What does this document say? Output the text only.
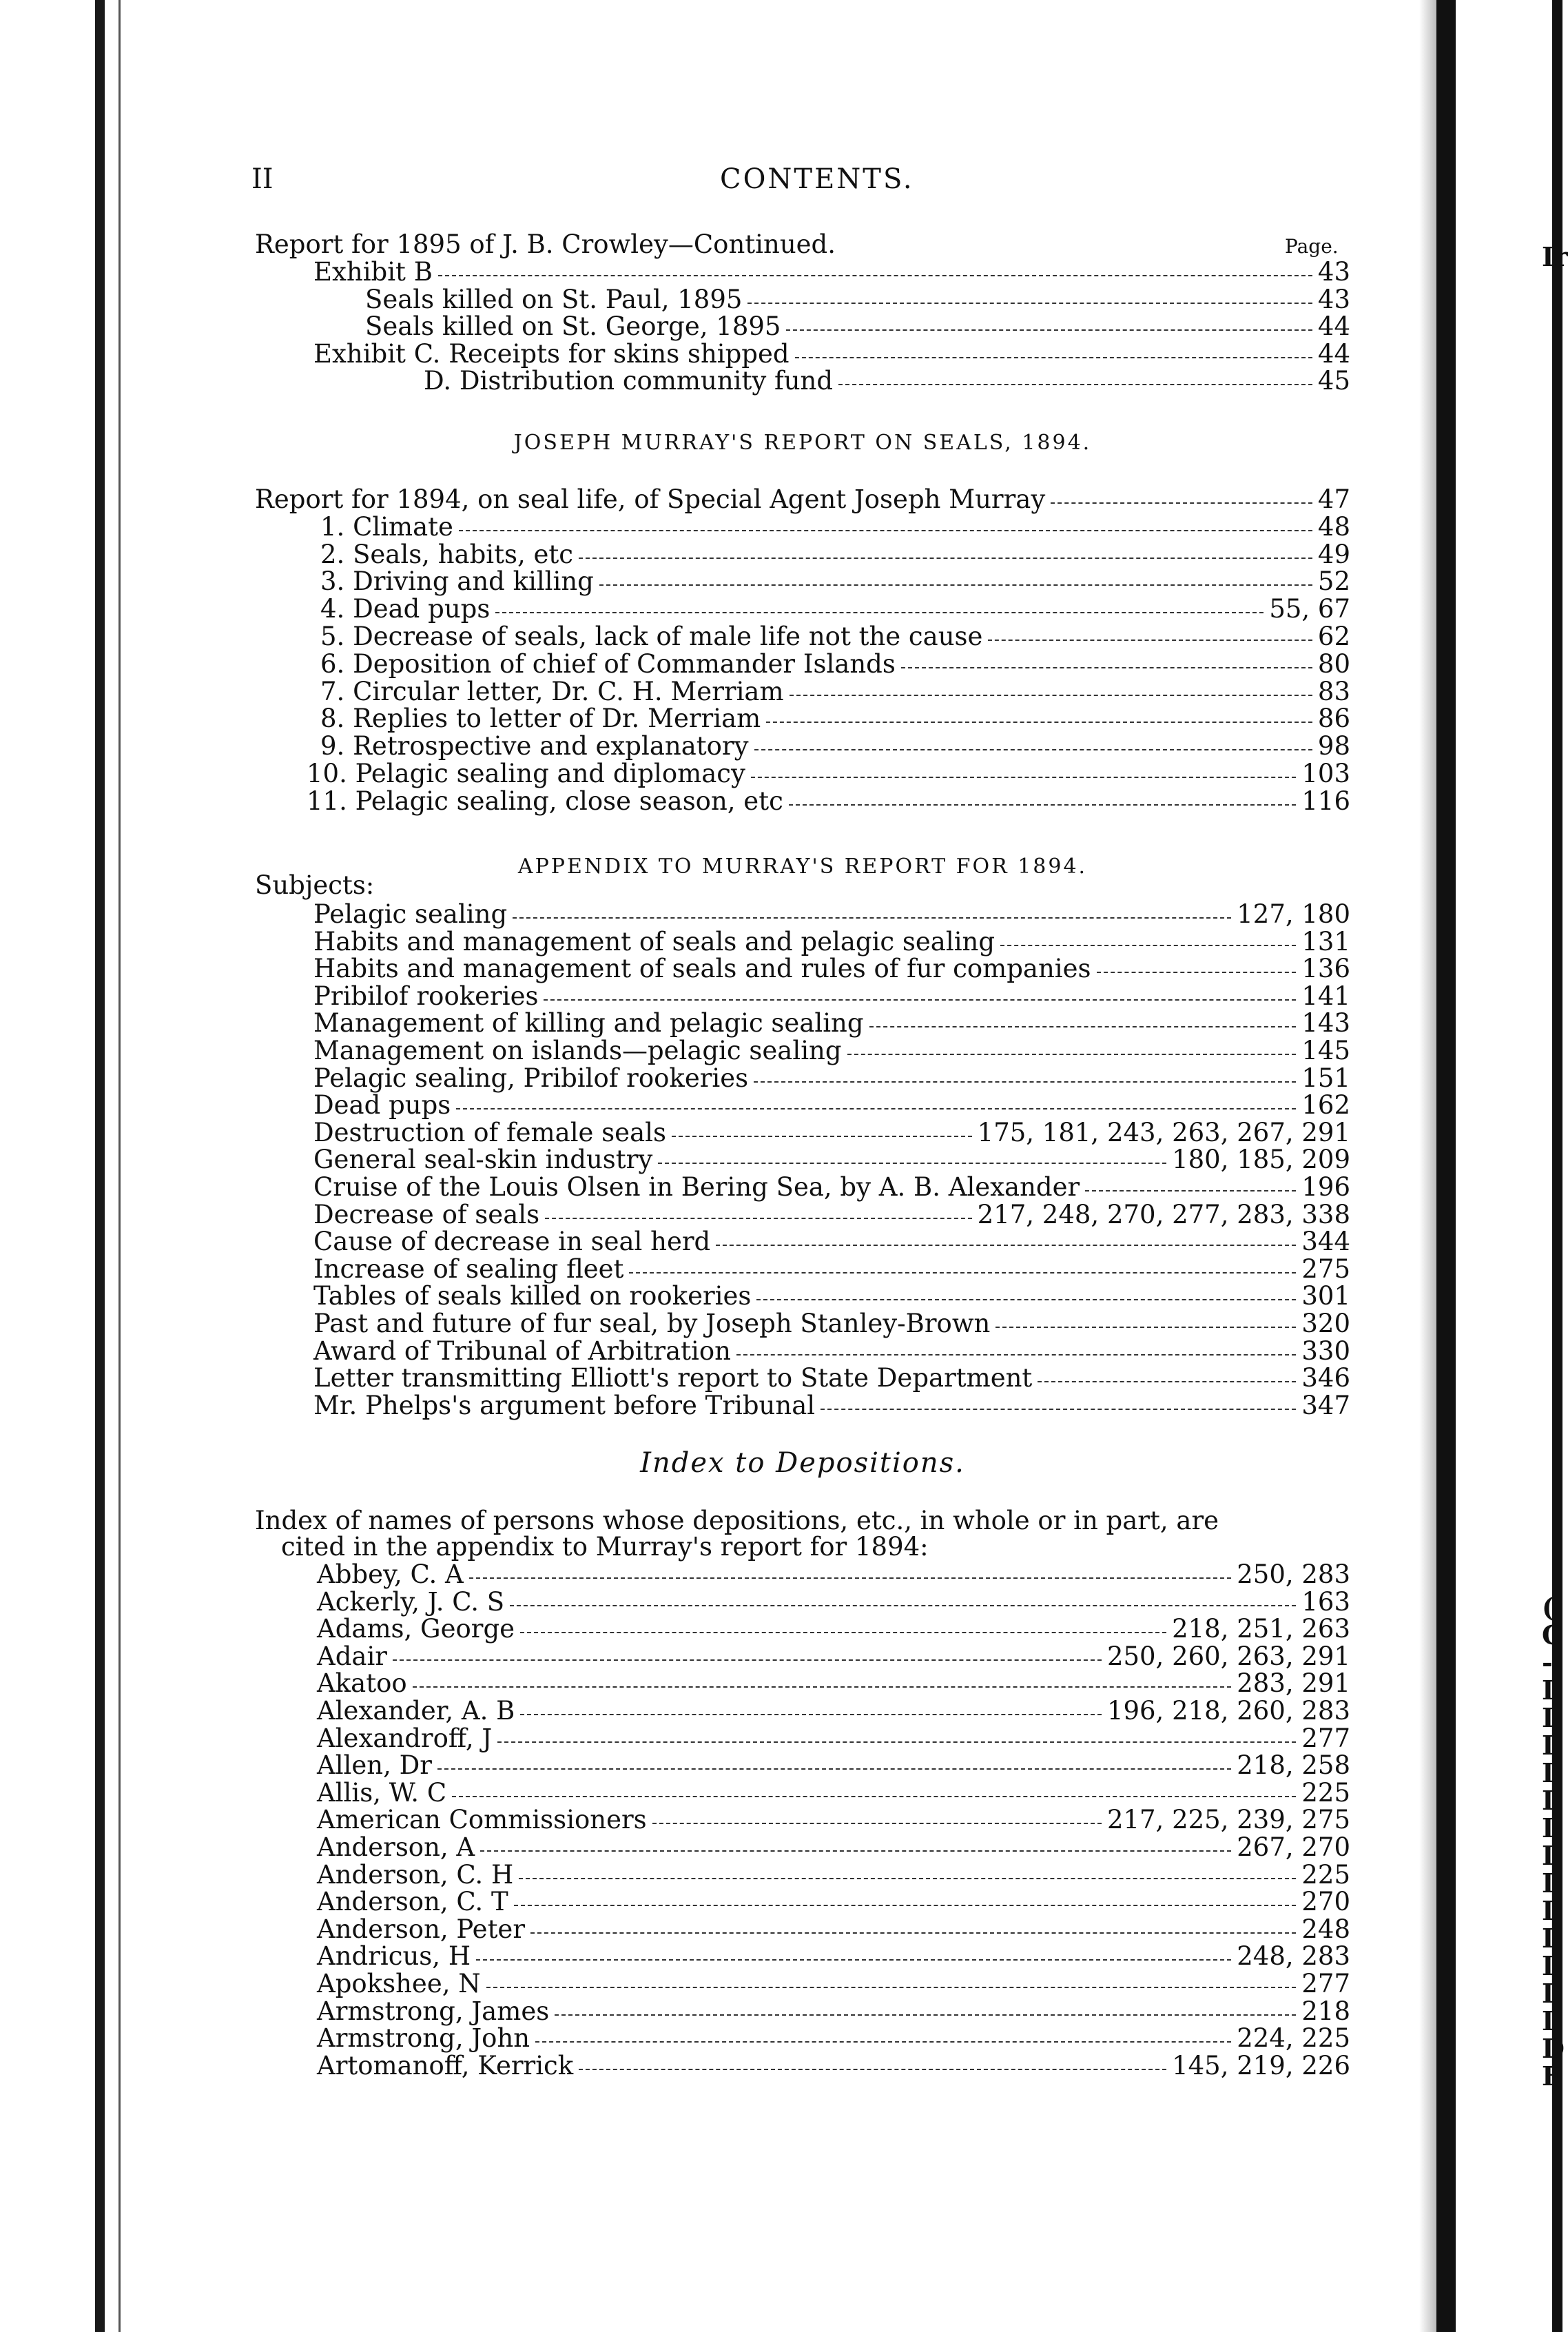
Ir
(
C
-
I
I
I
I
I
I
I
I
I
I
I
I
I
D
F
II	CONTENTS.
Report for 1895 of J. B. Crowley—Continued.	Page.
Exhibit B	43
Seals killed on St. Paul, 1895	43
Seals killed on St. George, 1895	44
Exhibit C. Receipts for skins shipped	44
D. Distribution community fund	45
JOSEPH MURRAY'S REPORT ON SEALS, 1894.
Report for 1894, on seal life, of Special Agent Joseph Murray	47
1. Climate	48
2. Seals, habits, etc	49
3. Driving and killing	52
4. Dead pups	55, 67
5. Decrease of seals, lack of male life not the cause	62
6. Deposition of chief of Commander Islands	80
7. Circular letter, Dr. C. H. Merriam	83
8. Replies to letter of Dr. Merriam	86
9. Retrospective and explanatory	98
10. Pelagic sealing and diplomacy	103
11. Pelagic sealing, close season, etc	116
APPENDIX TO MURRAY'S REPORT FOR 1894.
Subjects:
Pelagic sealing	127, 180
Habits and management of seals and pelagic sealing	131
Habits and management of seals and rules of fur companies	136
Pribilof rookeries	141
Management of killing and pelagic sealing	143
Management on islands—pelagic sealing	145
Pelagic sealing, Pribilof rookeries	151
Dead pups	162
Destruction of female seals	175, 181, 243, 263, 267, 291
General seal-skin industry	180, 185, 209
Cruise of the Louis Olsen in Bering Sea, by A. B. Alexander	196
Decrease of seals	217, 248, 270, 277, 283, 338
Cause of decrease in seal herd	344
Increase of sealing fleet	275
Tables of seals killed on rookeries	301
Past and future of fur seal, by Joseph Stanley-Brown	320
Award of Tribunal of Arbitration	330
Letter transmitting Elliott's report to State Department	346
Mr. Phelps's argument before Tribunal	347
Index to Depositions.
Index of names of persons whose depositions, etc., in whole or in part, are
cited in the appendix to Murray's report for 1894:
Abbey, C. A	250, 283
Ackerly, J. C. S	163
Adams, George	218, 251, 263
Adair	250, 260, 263, 291
Akatoo	283, 291
Alexander, A. B	196, 218, 260, 283
Alexandroff, J	277
Allen, Dr	218, 258
Allis, W. C	225
American Commissioners	217, 225, 239, 275
Anderson, A	267, 270
Anderson, C. H	225
Anderson, C. T	270
Anderson, Peter	248
Andricus, H	248, 283
Apokshee, N	277
Armstrong, James	218
Armstrong, John	224, 225
Artomanoff, Kerrick	145, 219, 226
